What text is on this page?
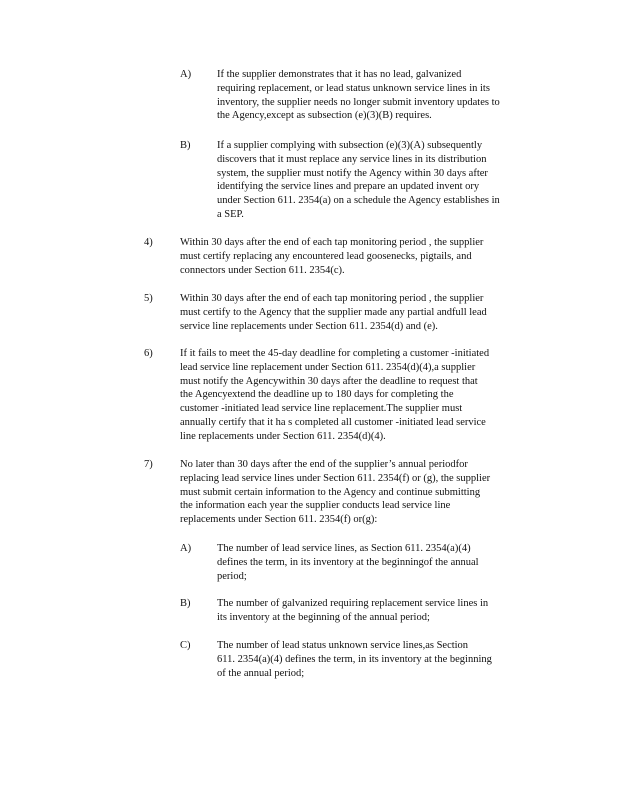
A) If the supplier demonstrates that it has no lead, galvanized
requiring replacement, or lead status unknown service lines in its
inventory, the supplier needs no longer submit inventory updates to
the Agency,except as subsection (e)(3)(B) requires.
B)	If a supplier complying with subsection (e)(3)(A) subsequently
discovers that it must replace any service lines in its distribution
system, the supplier must notify the Agency within 30 days after
identifying the service lines and prepare an updated invent ory
under Section 611. 2354(a) on a schedule the Agency establishes in
a SEP.
4)	Within 30 days after the end of each tap monitoring period , the supplier
must certify replacing any encountered lead goosenecks, pigtails, and
connectors under Section 611. 2354(c).
5)	Within 30 days after the end of each tap monitoring period , the supplier
must certify to the Agency that the supplier made any partial andfull lead
service line replacements under Section 611. 2354(d) and (e).
6)	If it fails to meet the 45-day deadline for completing a customer -initiated
lead service line replacement under Section 611. 2354(d)(4),a supplier
must notify the Agencywithin 30 days after the deadline to request that
the Agencyextend the deadline up to 180 days for completing the
customer -initiated lead service line replacement.The supplier must
annually certify that it ha s completed all customer -initiated lead service
line replacements under Section 611. 2354(d)(4).
7)	No later than 30 days after the end of the supplier’s annual periodfor
replacing lead service lines under Section 611. 2354(f) or (g), the supplier
must submit certain information to the Agency and continue submitting
the information each year the supplier conducts lead service line
replacements under Section 611. 2354(f) or(g):
A) The number of lead service lines, as Section 611. 2354(a)(4)
defines the term, in its inventory at the beginningof the annual
period;
B)	The number of galvanized requiring replacement service lines in
its inventory at the beginning of the annual period;
C)	The number of lead status unknown service lines,as Section
611. 2354(a)(4) defines the term, in its inventory at the beginning
of the annual period;
